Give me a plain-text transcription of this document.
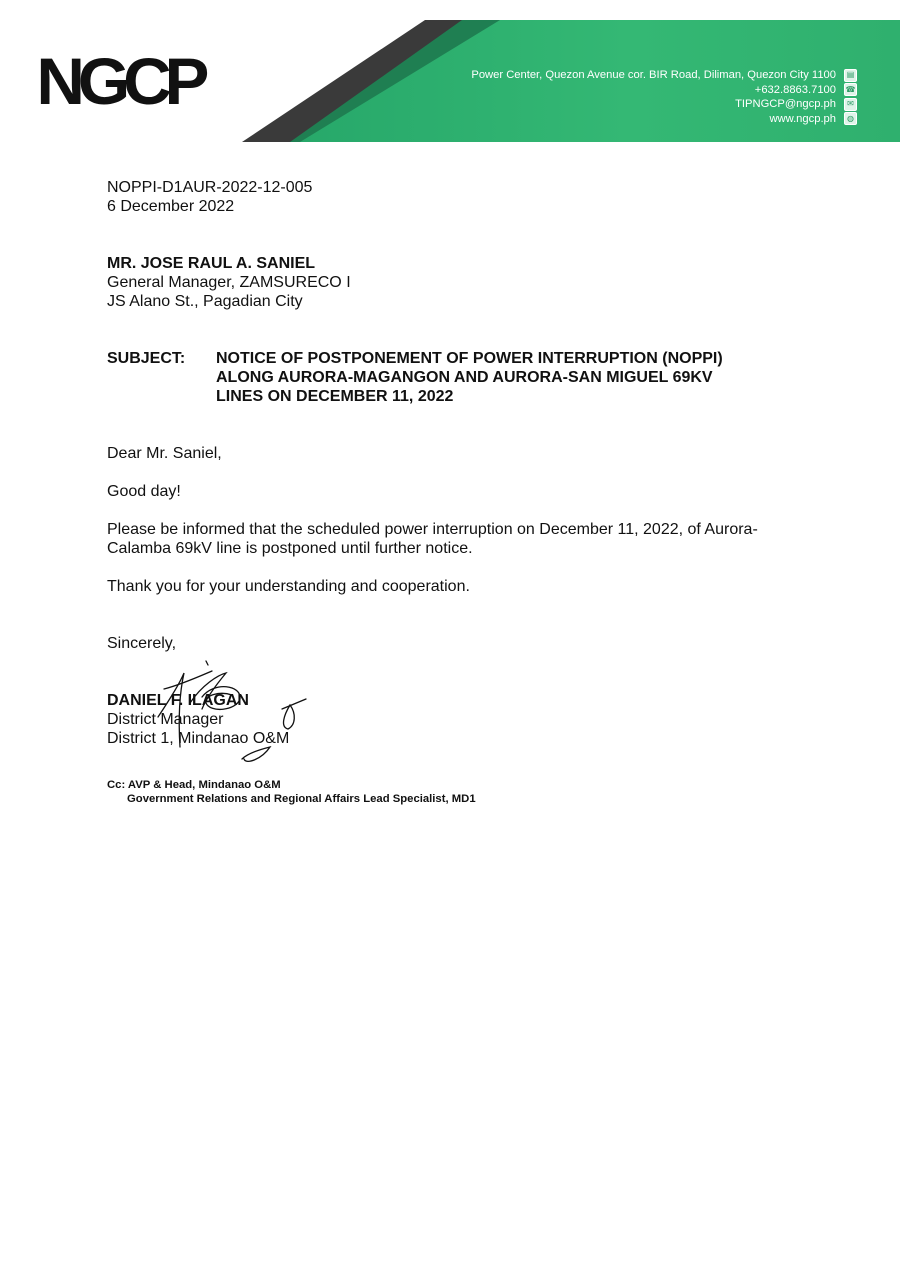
NGCP	Power Center, Quezon Avenue cor. BIR Road, Diliman, Quezon City 1100	▤
+632.8863.7100 ☎
TIPNGCP@ngcp.ph	✉
www.ngcp.ph	◍

NOPPI-D1AUR-2022-12-005

6 December 2022

MR. JOSE RAUL A. SANIEL

General Manager, ZAMSURECO I

JS Alano St., Pagadian City

SUBJECT:	NOTICE OF POSTPONEMENT OF POWER INTERRUPTION (NOPPI)
ALONG AURORA-MAGANGON AND AURORA-SAN MIGUEL 69KV
LINES ON DECEMBER 11, 2022

Dear Mr. Saniel,

Good day!

Please be informed that the scheduled power interruption on December 11, 2022, of Aurora-
Calamba 69kV line is postponed until further notice.

Thank you for your understanding and cooperation.

Sincerely,

DANIEL F. ILAGAN

District Manager

District 1, Mindanao O&M

Cc: AVP & Head, Mindanao O&M
Government Relations and Regional Affairs Lead Specialist, MD1
